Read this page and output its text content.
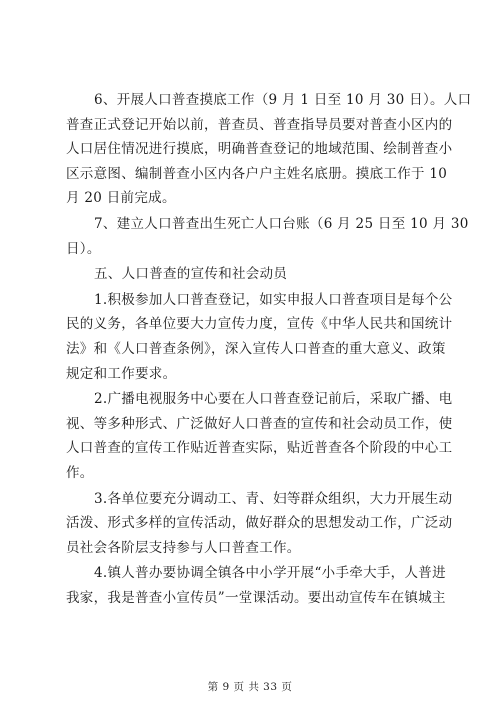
6、开展人口普查摸底工作（9 月 1 日至 10 月 30 日）。人口
普查正式登记开始以前，普查员、普查指导员要对普查小区内的
人口居住情况进行摸底，明确普查登记的地域范围、绘制普查小
区示意图、编制普查小区内各户户主姓名底册。摸底工作于 10
月 20 日前完成。

7、建立人口普查出生死亡人口台账（6 月 25 日至 10 月 30
日）。

五、人口普查的宣传和社会动员

1.积极参加人口普查登记，如实申报人口普查项目是每个公
民的义务，各单位要大力宣传力度，宣传《中华人民共和国统计
法》和《人口普查条例》，深入宣传人口普查的重大意义、政策
规定和工作要求。

2.广播电视服务中心要在人口普查登记前后，采取广播、电
视、等多种形式、广泛做好人口普查的宣传和社会动员工作，使
人口普查的宣传工作贴近普查实际，贴近普查各个阶段的中心工
作。

3.各单位要充分调动工、青、妇等群众组织，大力开展生动
活泼、形式多样的宣传活动，做好群众的思想发动工作，广泛动
员社会各阶层支持参与人口普查工作。

4.镇人普办要协调全镇各中小学开展“小手牵大手，人普进
我家，我是普查小宣传员”一堂课活动。要出动宣传车在镇城主

第 9 页 共 33 页
